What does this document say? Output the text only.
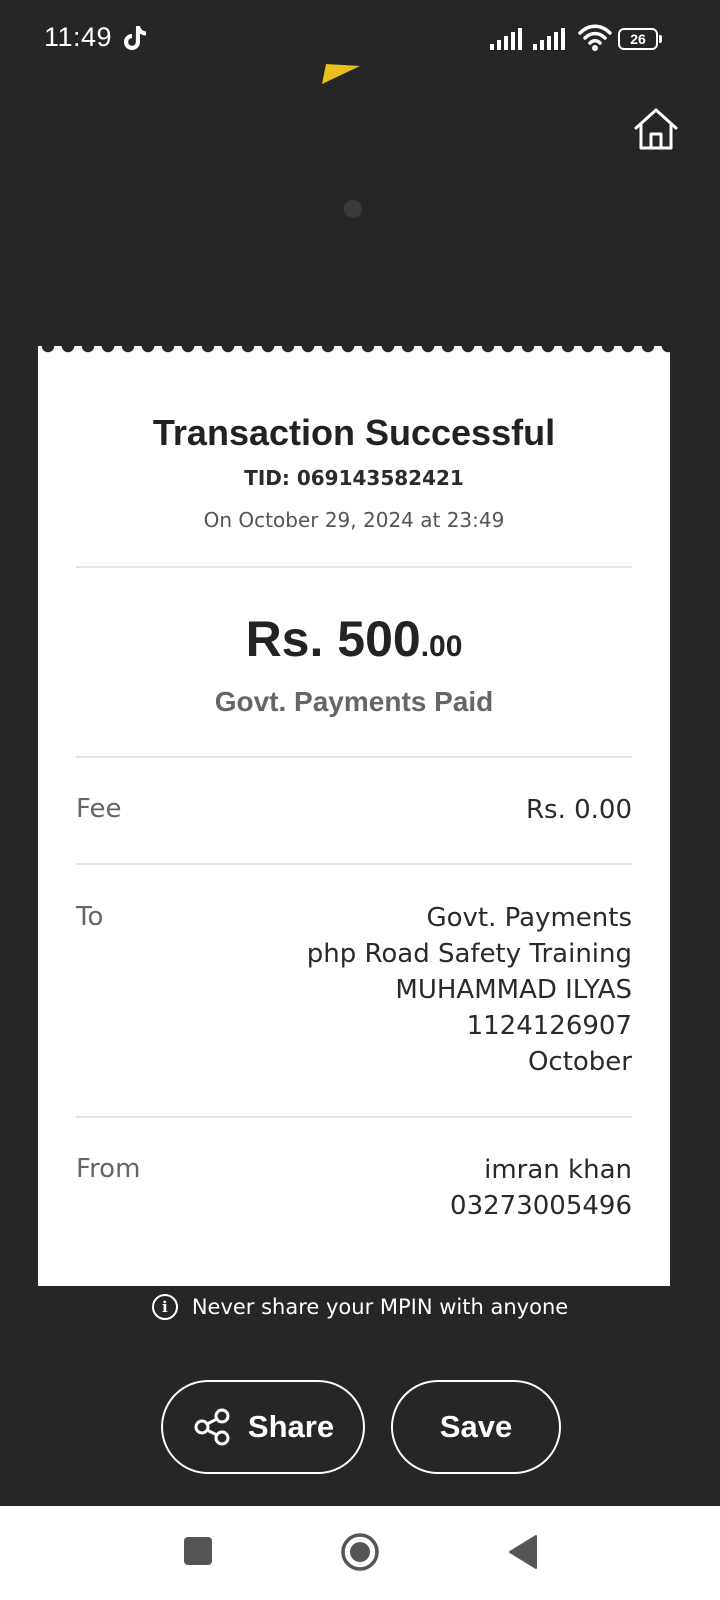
11:49	26
Transaction Successful
TID: 069143582421
On October 29, 2024 at 23:49
Rs. 500.00
Govt. Payments Paid
Fee	Rs. 0.00
To	Govt. Payments
php Road Safety Training
MUHAMMAD ILYAS
1124126907
October
From	imran khan
03273005496
i	Never share your MPIN with anyone
Share	Save
